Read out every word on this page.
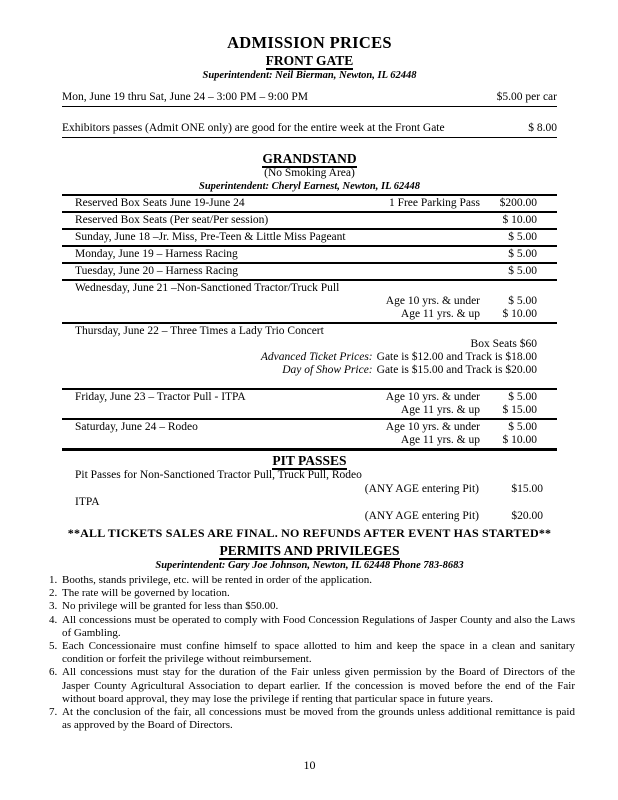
ADMISSION PRICES
FRONT GATE
Superintendent: Neil Bierman, Newton, IL 62448
Mon, June 19 thru Sat, June 24 – 3:00 PM – 9:00 PM	$5.00 per car
Exhibitors passes (Admit ONE only) are good for the entire week at the Front Gate	$ 8.00
GRANDSTAND
(No Smoking Area)
Superintendent: Cheryl Earnest, Newton, IL 62448
Reserved Box Seats June 19-June 24	1 Free Parking Pass	$200.00
Reserved Box Seats (Per seat/Per session)	$ 10.00
Sunday, June 18 –Jr. Miss, Pre-Teen & Little Miss Pageant	$ 5.00
Monday, June 19 – Harness Racing	$ 5.00
Tuesday, June 20 – Harness Racing	$ 5.00
Wednesday, June 21 –Non-Sanctioned Tractor/Truck Pull
Age 10 yrs. & under	$ 5.00
Age 11 yrs. & up	$ 10.00
Thursday, June 22 – Three Times a Lady Trio Concert
Box Seats $60
Advanced Ticket Prices: Gate is $12.00 and Track is $18.00
Day of Show Price: Gate is $15.00 and Track is $20.00
Friday, June 23 – Tractor Pull - ITPA	Age 10 yrs. & under	$ 5.00
Age 11 yrs. & up	$ 15.00
Saturday, June 24 – Rodeo	Age 10 yrs. & under	$ 5.00
Age 11 yrs. & up	$ 10.00
PIT PASSES
Pit Passes for Non-Sanctioned Tractor Pull, Truck Pull, Rodeo
(ANY AGE entering Pit)	$15.00
ITPA
(ANY AGE entering Pit)	$20.00
**ALL TICKETS SALES ARE FINAL. NO REFUNDS AFTER EVENT HAS STARTED**
PERMITS AND PRIVILEGES
Superintendent: Gary Joe Johnson, Newton, IL 62448 Phone 783-8683
1. Booths, stands privilege, etc. will be rented in order of the application.
2. The rate will be governed by location.
3. No privilege will be granted for less than $50.00.
4. All concessions must be operated to comply with Food Concession Regulations of Jasper County and also the Laws of Gambling.
5. Each Concessionaire must confine himself to space allotted to him and keep the space in a clean and sanitary condition or forfeit the privilege without reimbursement.
6. All concessions must stay for the duration of the Fair unless given permission by the Board of Directors of the Jasper County Agricultural Association to depart earlier. If the concession is moved before the end of the Fair without board approval, they may lose the privilege if renting that particular space in future years.
7. At the conclusion of the fair, all concessions must be moved from the grounds unless additional remittance is paid as approved by the Board of Directors.
10
